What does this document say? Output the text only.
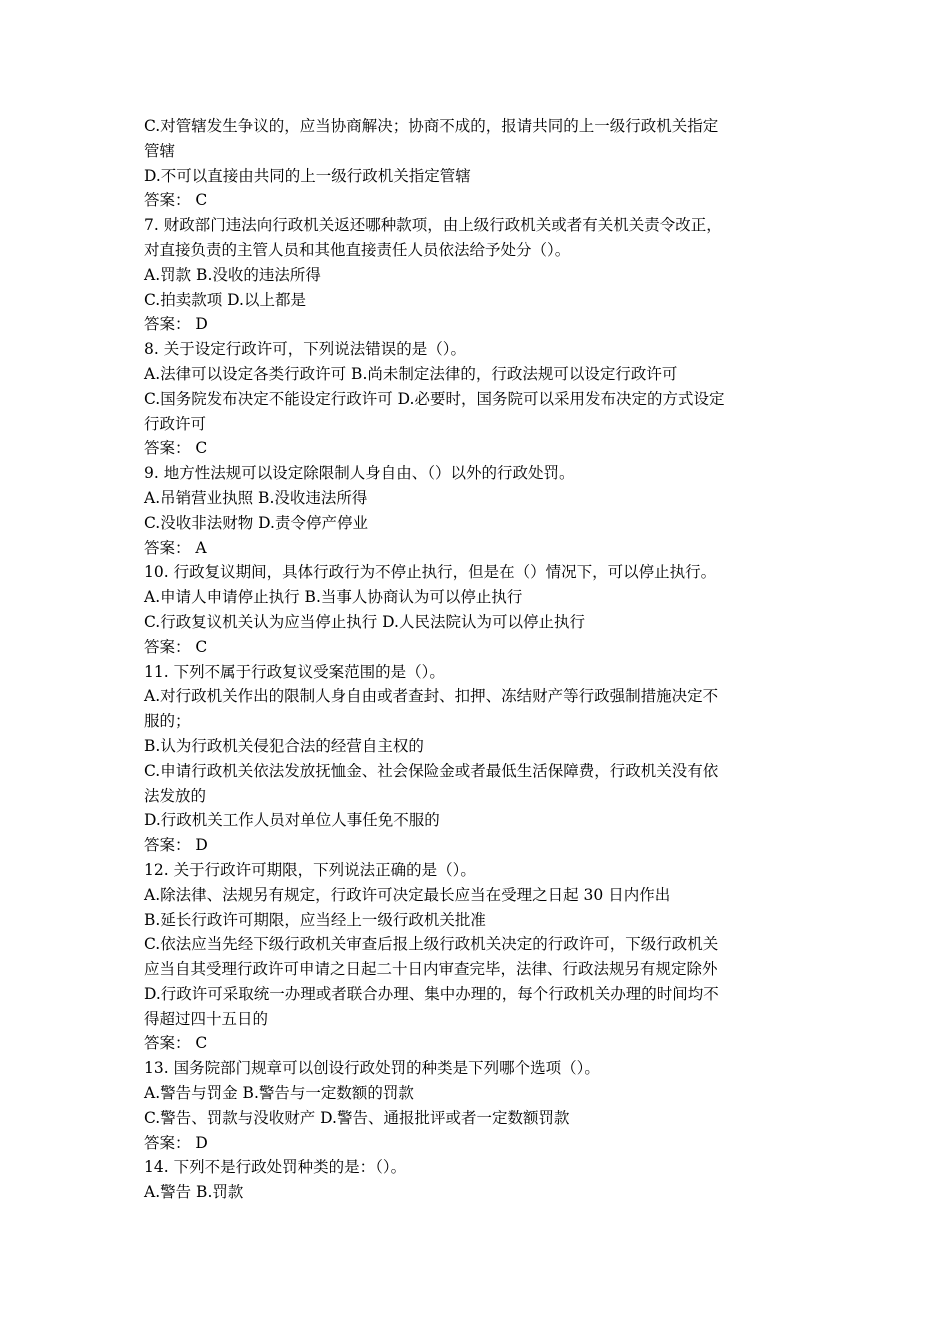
C.对管辖发生争议的，应当协商解决；协商不成的，报请共同的上一级行政机关指定
管辖
D.不可以直接由共同的上一级行政机关指定管辖
答案： C
7. 财政部门违法向行政机关返还哪种款项，由上级行政机关或者有关机关责令改正，
对直接负责的主管人员和其他直接责任人员依法给予处分（）。
A.罚款 B.没收的违法所得
C.拍卖款项 D.以上都是
答案： D
8. 关于设定行政许可，下列说法错误的是（）。
A.法律可以设定各类行政许可 B.尚未制定法律的，行政法规可以设定行政许可
C.国务院发布决定不能设定行政许可 D.必要时，国务院可以采用发布决定的方式设定
行政许可
答案： C
9. 地方性法规可以设定除限制人身自由、（）以外的行政处罚。
A.吊销营业执照 B.没收违法所得
C.没收非法财物 D.责令停产停业
答案： A
10. 行政复议期间，具体行政行为不停止执行，但是在（）情况下，可以停止执行。
A.申请人申请停止执行 B.当事人协商认为可以停止执行
C.行政复议机关认为应当停止执行 D.人民法院认为可以停止执行
答案： C
11. 下列不属于行政复议受案范围的是（）。
A.对行政机关作出的限制人身自由或者查封、扣押、冻结财产等行政强制措施决定不
服的；
B.认为行政机关侵犯合法的经营自主权的
C.申请行政机关依法发放抚恤金、社会保险金或者最低生活保障费，行政机关没有依
法发放的
D.行政机关工作人员对单位人事任免不服的
答案： D
12. 关于行政许可期限，下列说法正确的是（）。
A.除法律、法规另有规定，行政许可决定最长应当在受理之日起 30 日内作出
B.延长行政许可期限，应当经上一级行政机关批准
C.依法应当先经下级行政机关审查后报上级行政机关决定的行政许可，下级行政机关
应当自其受理行政许可申请之日起二十日内审查完毕，法律、行政法规另有规定除外
D.行政许可采取统一办理或者联合办理、集中办理的，每个行政机关办理的时间均不
得超过四十五日的
答案： C
13. 国务院部门规章可以创设行政处罚的种类是下列哪个选项（）。
A.警告与罚金 B.警告与一定数额的罚款
C.警告、罚款与没收财产 D.警告、通报批评或者一定数额罚款
答案： D
14. 下列不是行政处罚种类的是：（）。
A.警告 B.罚款
